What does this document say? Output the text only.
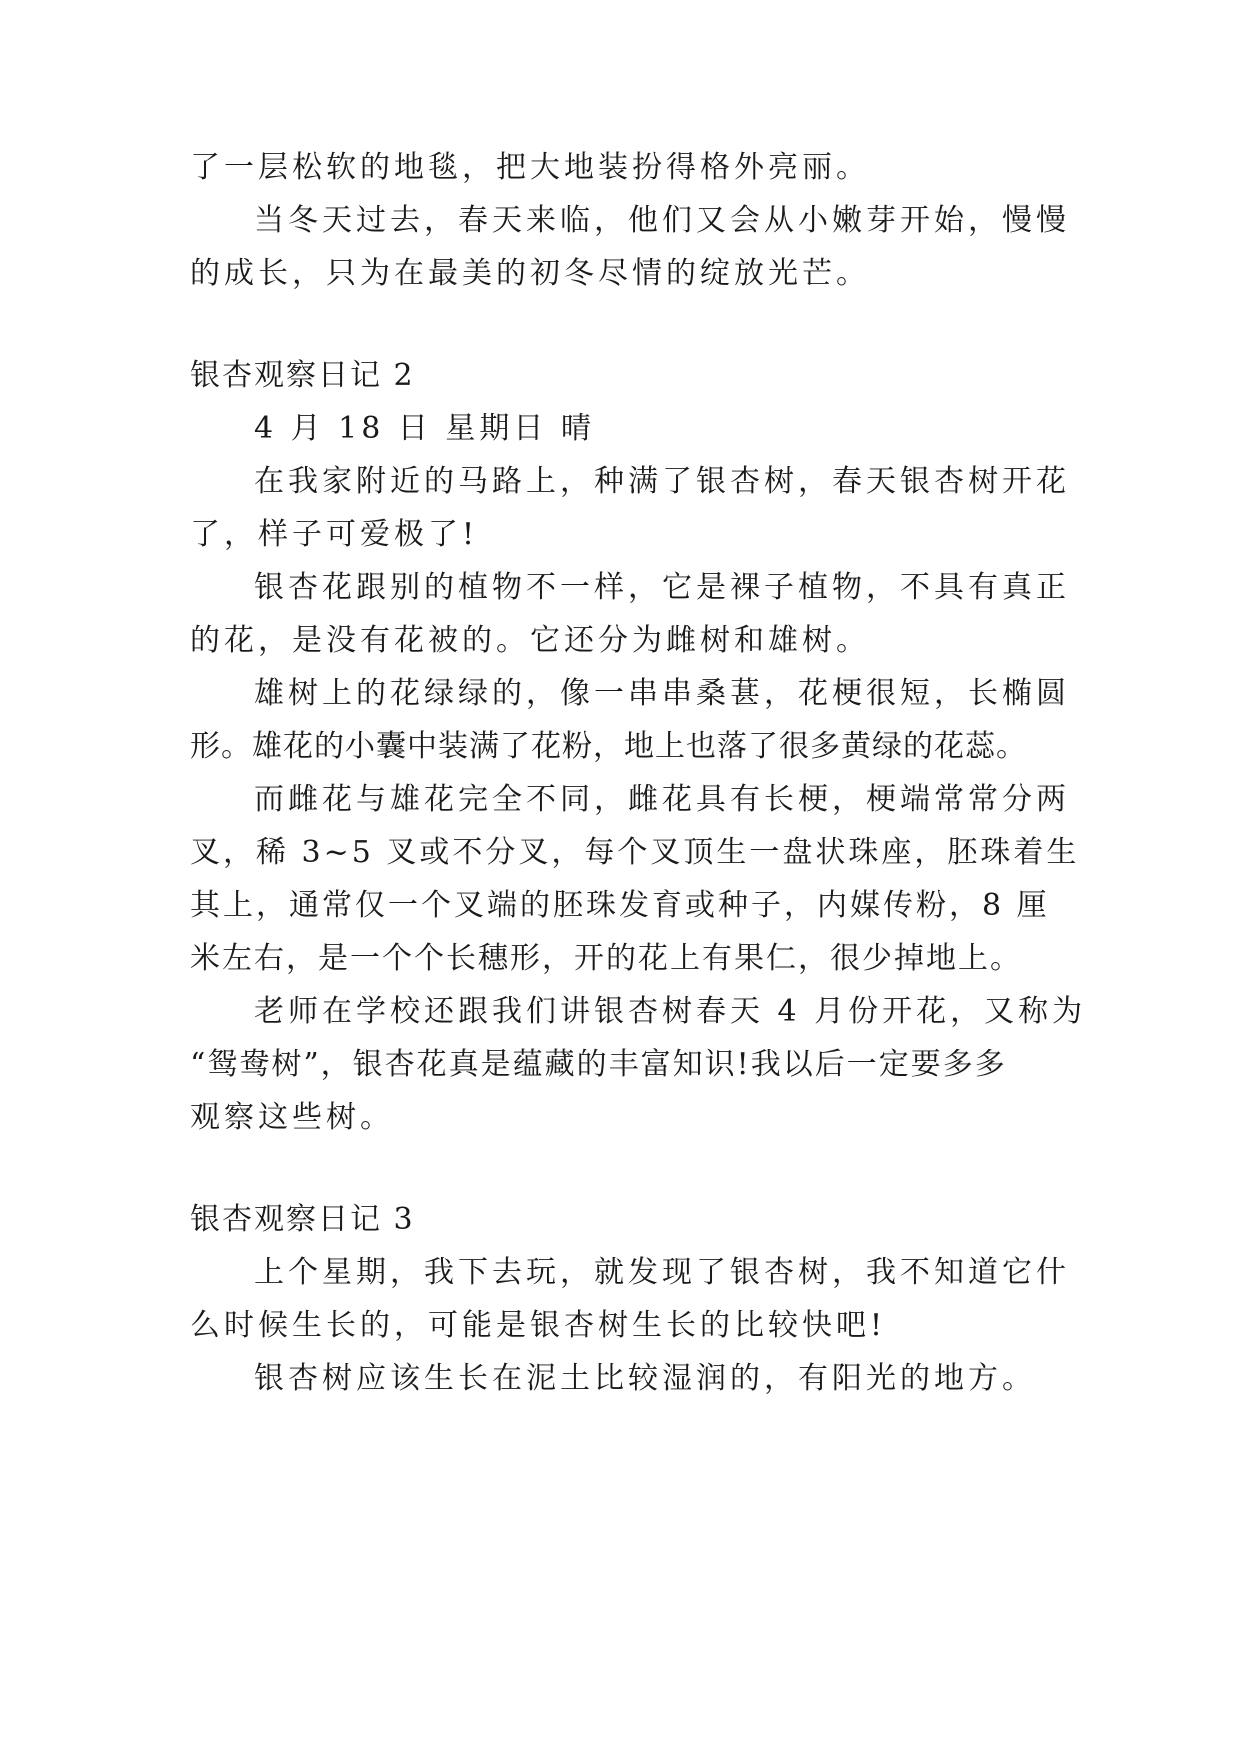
了一层松软的地毯，把大地装扮得格外亮丽。

当冬天过去，春天来临，他们又会从小嫩芽开始，慢慢

的成长，只为在最美的初冬尽情的绽放光芒。

银杏观察日记 2

4 月 18 日 星期日 晴

在我家附近的马路上，种满了银杏树，春天银杏树开花

了，样子可爱极了!

银杏花跟别的植物不一样，它是裸子植物，不具有真正

的花，是没有花被的。它还分为雌树和雄树。

雄树上的花绿绿的，像一串串桑葚，花梗很短，长椭圆

形。雄花的小囊中装满了花粉，地上也落了很多黄绿的花蕊。

而雌花与雄花完全不同，雌花具有长梗，梗端常常分两

叉，稀 3~5 叉或不分叉，每个叉顶生一盘状珠座，胚珠着生

其上，通常仅一个叉端的胚珠发育或种子，内媒传粉，8 厘

米左右，是一个个长穗形，开的花上有果仁，很少掉地上。

老师在学校还跟我们讲银杏树春天 4 月份开花，又称为

“鸳鸯树”，银杏花真是蕴藏的丰富知识!我以后一定要多多

观察这些树。

银杏观察日记 3

上个星期，我下去玩，就发现了银杏树，我不知道它什

么时候生长的，可能是银杏树生长的比较快吧!

银杏树应该生长在泥土比较湿润的，有阳光的地方。
